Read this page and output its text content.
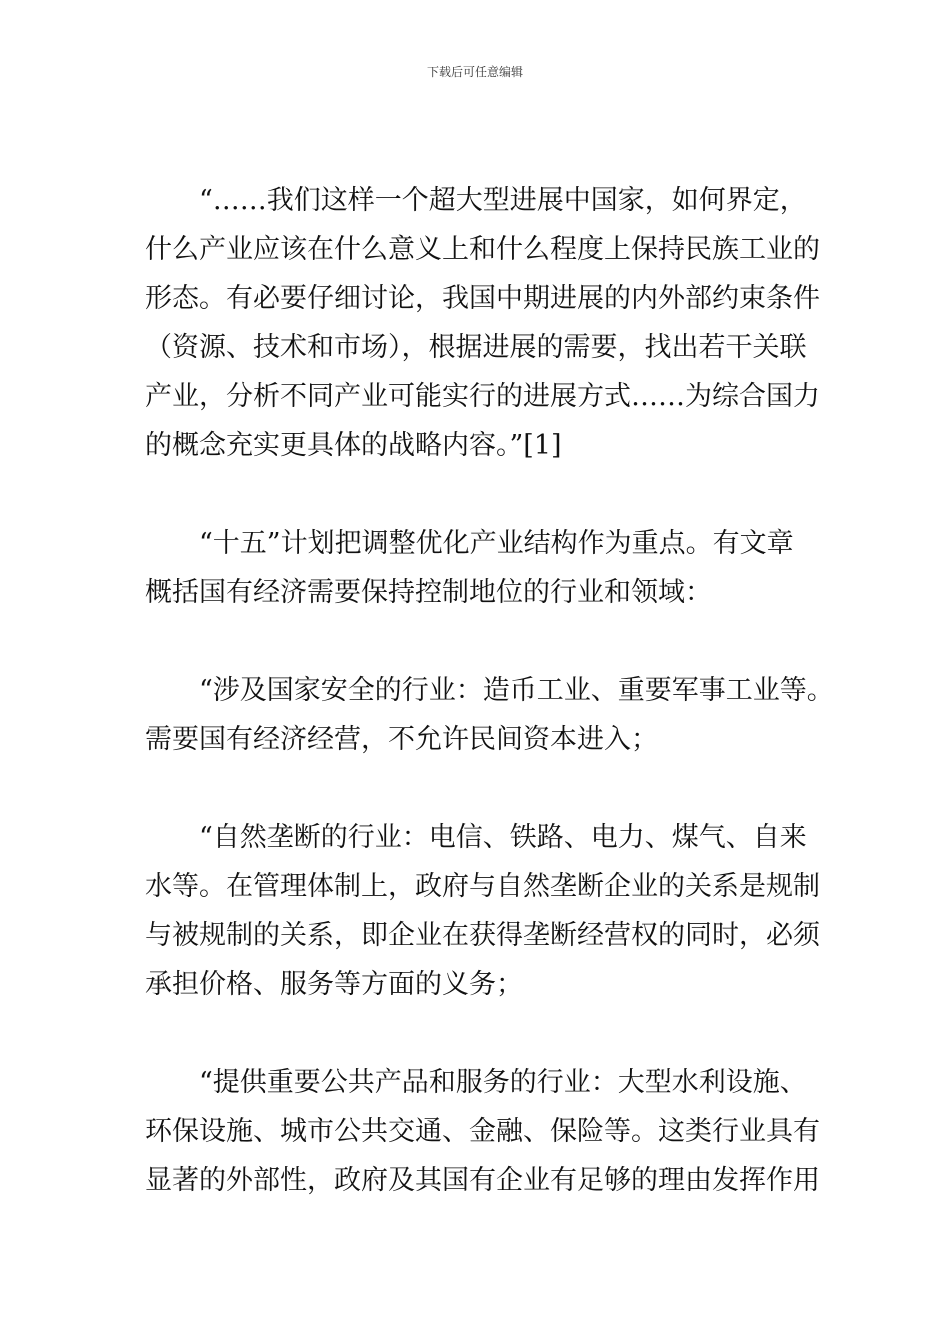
下载后可任意编辑

“……我们这样一个超大型进展中国家，如何界定，
什么产业应该在什么意义上和什么程度上保持民族工业的
形态。有必要仔细讨论，我国中期进展的内外部约束条件
（资源、技术和市场），根据进展的需要，找出若干关联
产业，分析不同产业可能实行的进展方式……为综合国力
的概念充实更具体的战略内容。”[1]

“十五”计划把调整优化产业结构作为重点。有文章
概括国有经济需要保持控制地位的行业和领域：

“涉及国家安全的行业：造币工业、重要军事工业等。
需要国有经济经营，不允许民间资本进入；

“自然垄断的行业：电信、铁路、电力、煤气、自来
水等。在管理体制上，政府与自然垄断企业的关系是规制
与被规制的关系，即企业在获得垄断经营权的同时，必须
承担价格、服务等方面的义务；

“提供重要公共产品和服务的行业：大型水利设施、
环保设施、城市公共交通、金融、保险等。这类行业具有
显著的外部性，政府及其国有企业有足够的理由发挥作用
